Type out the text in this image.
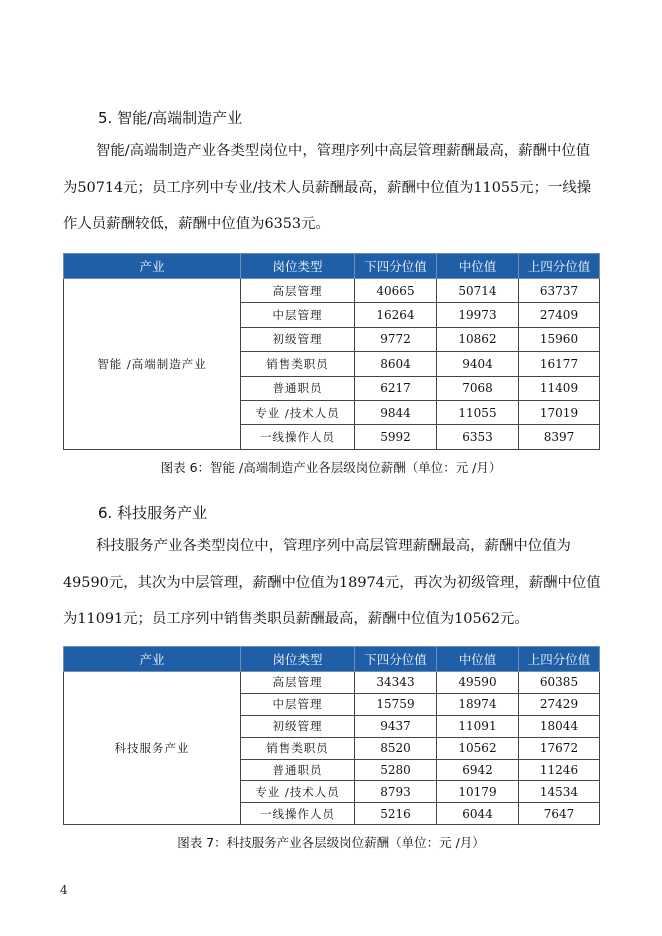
5. 智能/高端制造产业

智能/高端制造产业各类型岗位中，管理序列中高层管理薪酬最高，薪酬中位值为50714元；员工序列中专业/技术人员薪酬最高，薪酬中位值为11055元；一线操作人员薪酬较低，薪酬中位值为6353元。

产业	岗位类型	下四分位值	中位值	上四分位值
智能 /高端制造产业	高层管理	40665	50714	63737
	中层管理	16264	19973	27409
	初级管理	9772	10862	15960
	销售类职员	8604	9404	16177
	普通职员	6217	7068	11409
	专业 /技术人员	9844	11055	17019
	一线操作人员	5992	6353	8397
图表 6：智能 /高端制造产业各层级岗位薪酬（单位：元 /月）
6. 科技服务产业

科技服务产业各类型岗位中，管理序列中高层管理薪酬最高，薪酬中位值为49590元，其次为中层管理，薪酬中位值为18974元，再次为初级管理，薪酬中位值为11091元；员工序列中销售类职员薪酬最高，薪酬中位值为10562元。

产业	岗位类型	下四分位值	中位值	上四分位值
科技服务产业	高层管理	34343	49590	60385
	中层管理	15759	18974	27429
	初级管理	9437	11091	18044
	销售类职员	8520	10562	17672
	普通职员	5280	6942	11246
	专业 /技术人员	8793	10179	14534
	一线操作人员	5216	6044	7647
图表 7：科技服务产业各层级岗位薪酬（单位：元 /月）
4
